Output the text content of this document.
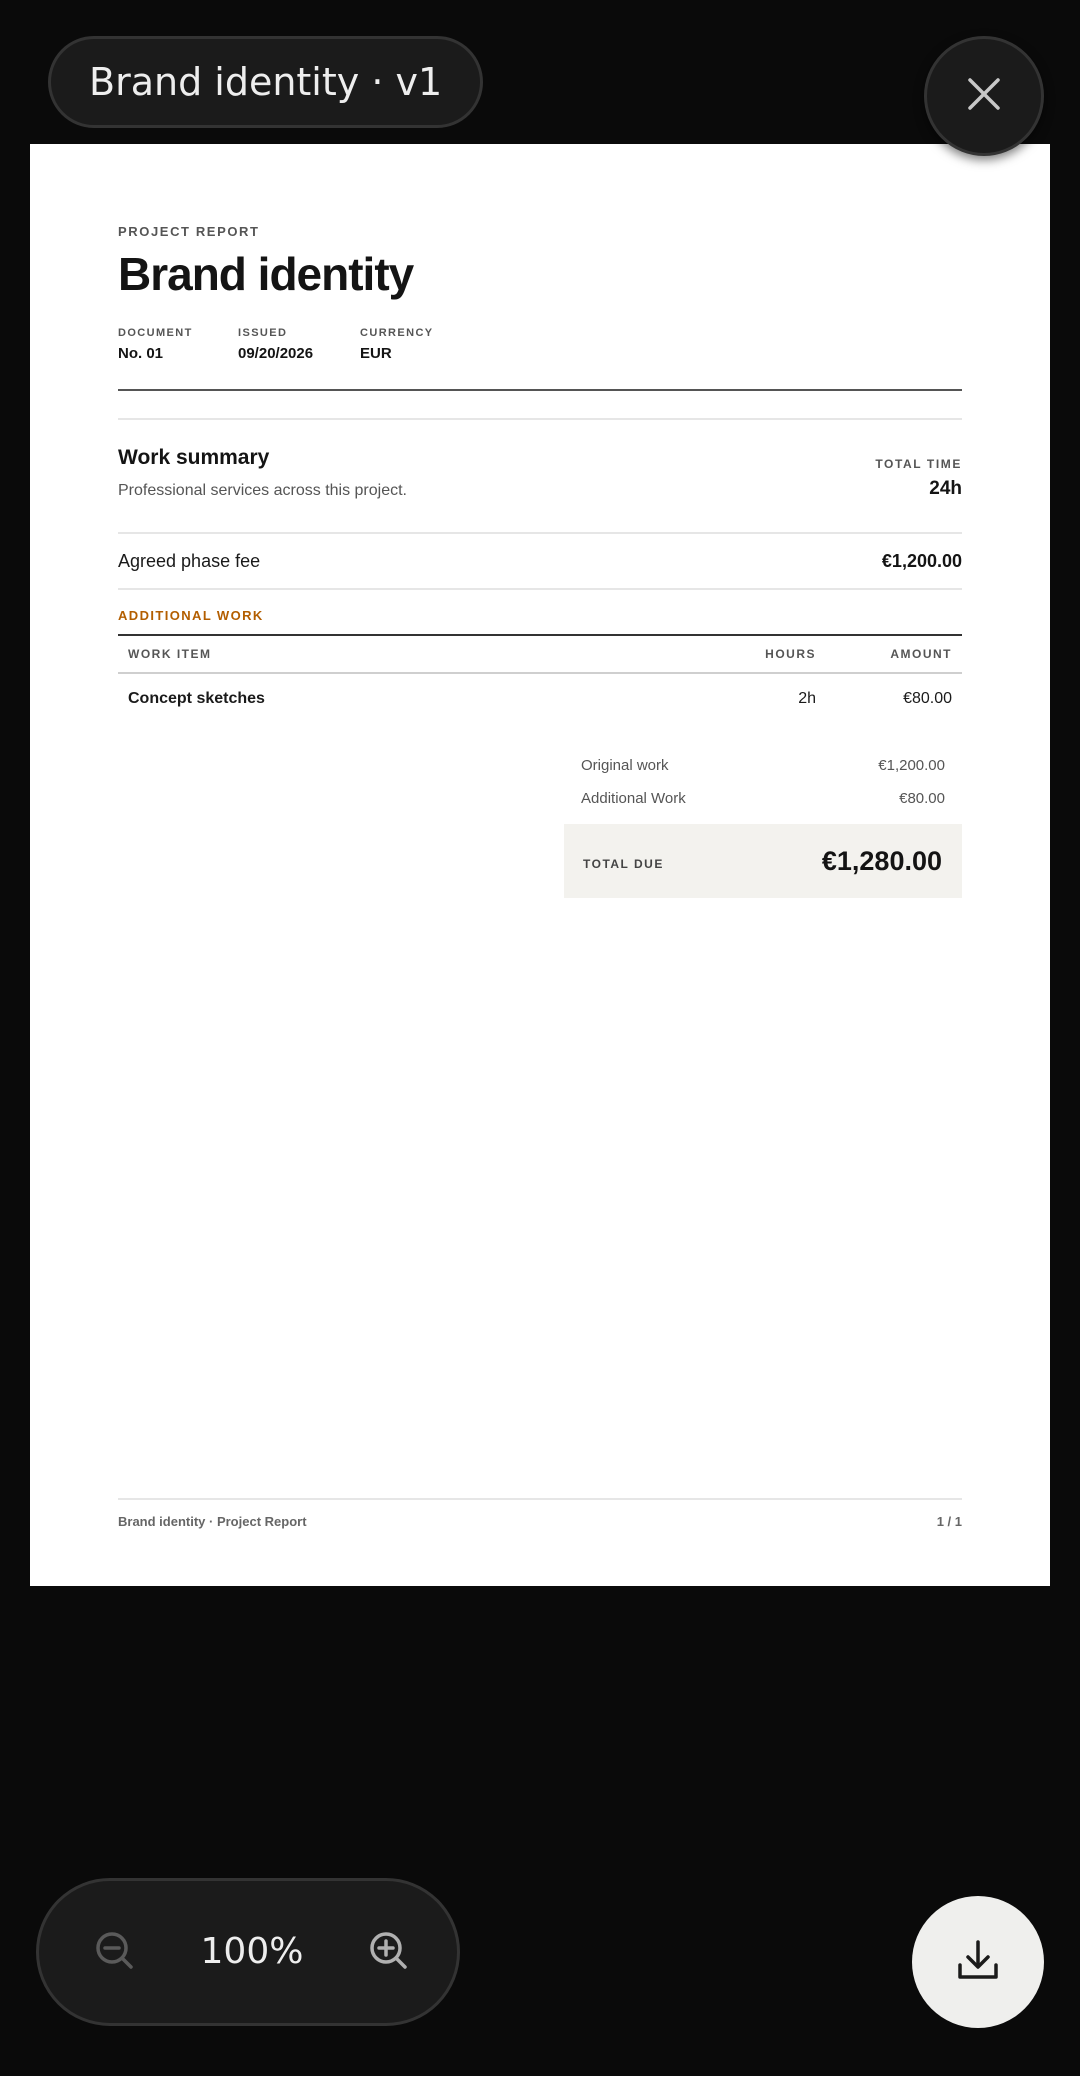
Brand identity · v1
PROJECT REPORT
Brand identity
DOCUMENT
No. 01
ISSUED
09/20/2026
CURRENCY
EUR
Work summary
Professional services across this project.
TOTAL TIME
24h
Agreed phase fee	€1,200.00
ADDITIONAL WORK
WORK ITEM	HOURS	AMOUNT
Concept sketches	2h	€80.00
Original work	€1,200.00
Additional Work	€80.00
TOTAL DUE	€1,280.00
Brand identity · Project Report	1 / 1
100%
